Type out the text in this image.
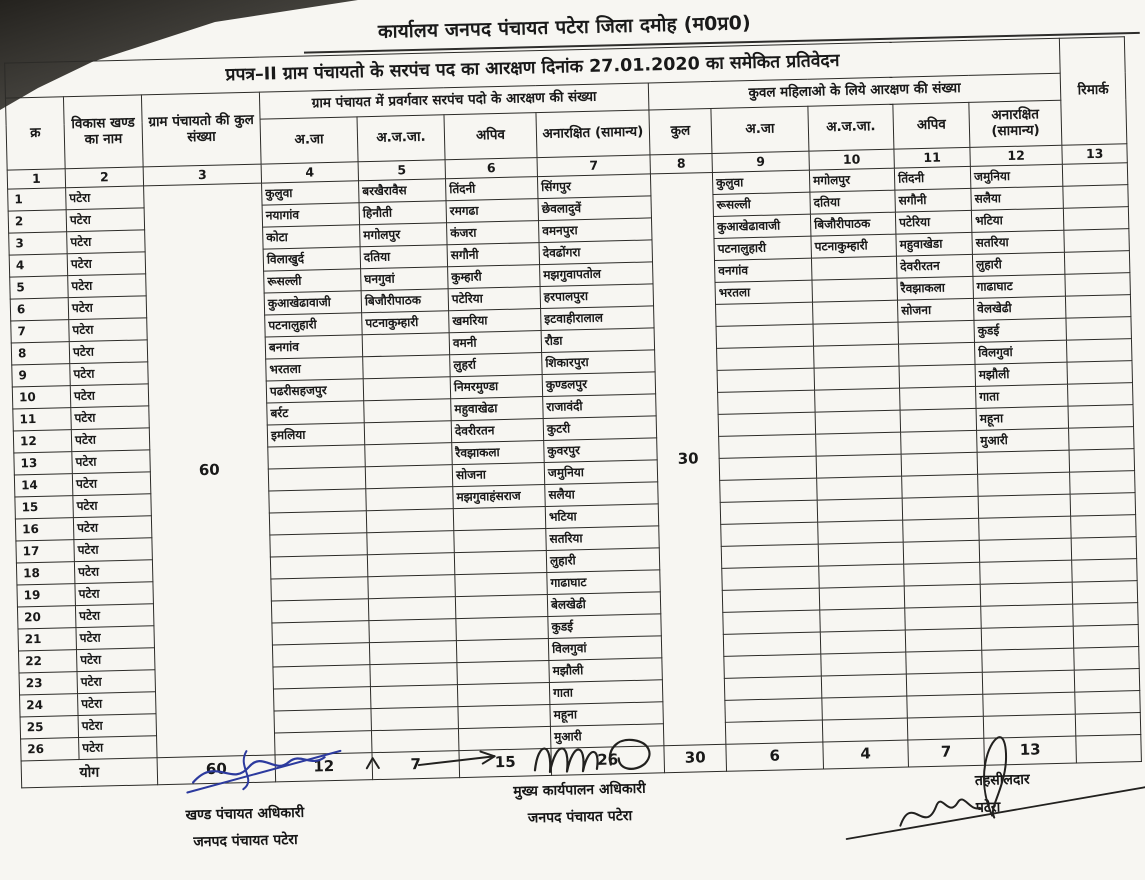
कार्यालय जनपद पंचायत पटेरा जिला दमोह (म0प्र0)
प्रपत्र–II ग्राम पंचायतो के सरपंच पद का आरक्षण दिनांक 27.01.2020 का समेकित प्रतिवेदन												रिमार्क
क्र	विकास खण्ड का नाम	ग्राम पंचायतो की कुल संख्या	ग्राम पंचायत में प्रवर्गवार सरपंच पदो के आरक्षण की संख्या				कुवल महिलाओ के लिये आरक्षण की संख्या					
			अ.जा	अ.ज.जा.	अपिव	अनारक्षित (सामान्य)	कुल	अ.जा	अ.ज.जा.	अपिव	अनारक्षित (सामान्य)	
1	2	3	4	5	6	7	8	9	10	11	12	13
1	पटेरा	60	कुलुवा	बरखैरावैस	तिंदनी	सिंगपुर	30	कुलुवा	मगोलपुर	तिंदनी	जमुनिया	
2	पटेरा		नयागांव	हिनौती	रमगढा	छेवलादुवें		रूसल्ली	दतिया	सगौनी	सलैया	
3	पटेरा		कोटा	मगोलपुर	कंजरा	वमनपुरा		कुआखेढावाजी	बिजौरीपाठक	पटेरिया	भटिया	
4	पटेरा		विलाखुर्द	दतिया	सगौनी	देवढोंगरा		पटनालुहारी	पटनाकुम्हारी	महुवाखेडा	सतरिया	
5	पटेरा		रूसल्ली	घनगुवां	कुम्हारी	मझगुवापतोल		वनगांव		देवरीरतन	लुहारी	
6	पटेरा		कुआखेढावाजी	बिजौरीपाठक	पटेरिया	हरपालपुरा		भरतला		रैवझाकला	गाढाघाट	
7	पटेरा		पटनालुहारी	पटनाकुम्हारी	खमरिया	इटवाहीरालाल				सोजना	वेलखेढी	
8	पटेरा		बनगांव		वमनी	रौडा					कुडई	
9	पटेरा		भरतला		लुहर्रा	शिकारपुरा					विलगुवां	
10	पटेरा		पढरीसहजपुर		निमरमुण्डा	कुण्डलपुर					मझौली	
11	पटेरा		बर्रट		महुवाखेढा	राजावंदी					गाता	
12	पटेरा		इमलिया		देवरीरतन	कुटरी					महूना	
13	पटेरा				रैवझाकला	कुवरपुर					मुआरी	
14	पटेरा				सोजना	जमुनिया						
15	पटेरा				मझगुवाहंसराज	सलैया						
16	पटेरा					भटिया						
17	पटेरा					सतरिया						
18	पटेरा					लुहारी						
19	पटेरा					गाढाघाट						
20	पटेरा					बेलखेढी						
21	पटेरा					कुडई						
22	पटेरा					विलगुवां						
23	पटेरा					मझौली						
24	पटेरा					गाता						
25	पटेरा					महूना						
26	पटेरा					मुआरी						
योग		60	12	7	15	26	30	6	4	7	13	
खण्ड पंचायत अधिकारी
जनपद पंचायत पटेरा
मुख्य कार्यपालन अधिकारी
जनपद पंचायत पटेरा
तहसीलदार
पटेरा
